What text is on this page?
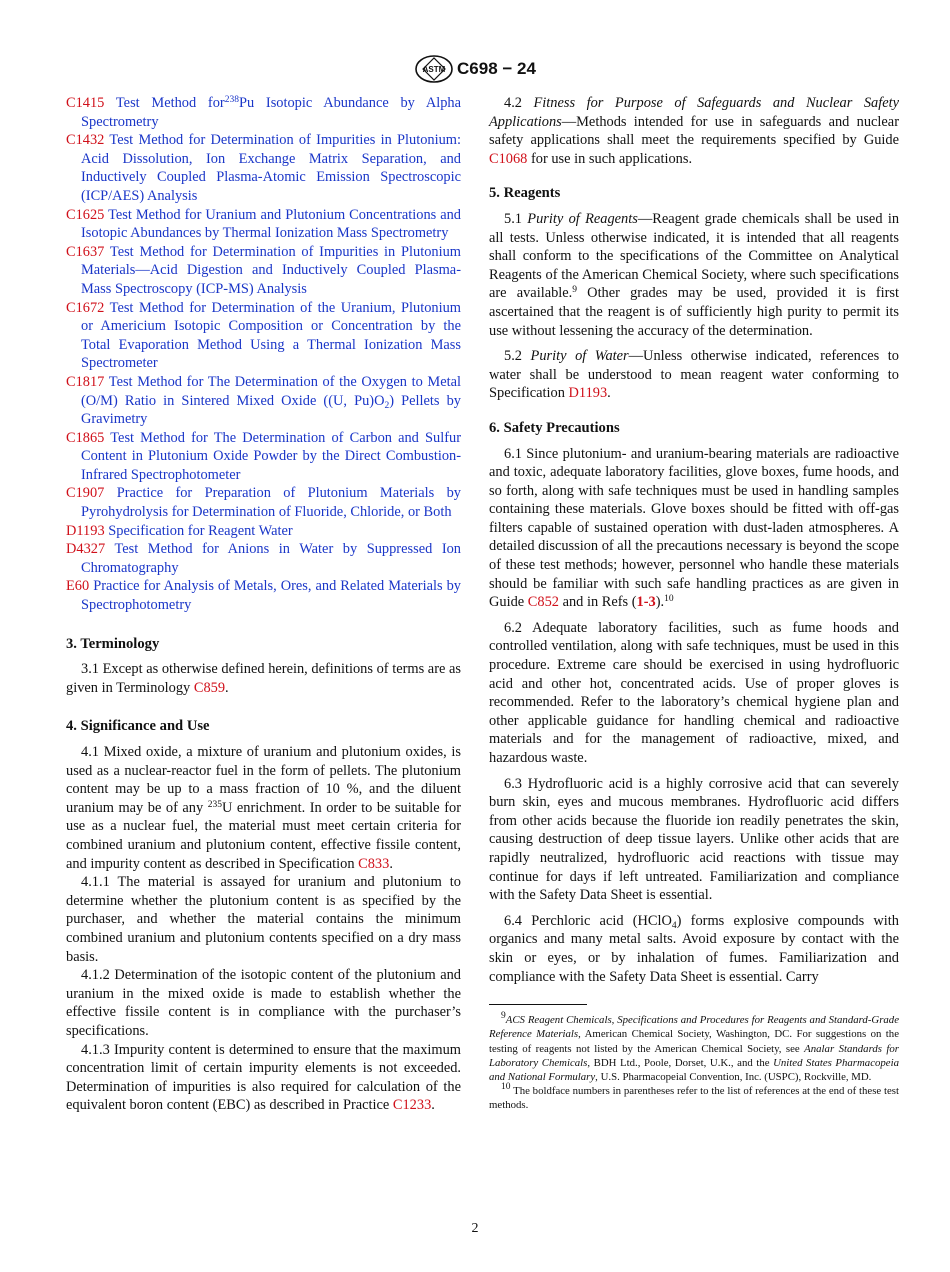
ASTM C698 − 24
C1415 Test Method for$^{238}$Pu Isotopic Abundance by Alpha Spectrometry
C1432 Test Method for Determination of Impurities in Plutonium: Acid Dissolution, Ion Exchange Matrix Separation, and Inductively Coupled Plasma-Atomic Emission Spectroscopic (ICP/AES) Analysis
C1625 Test Method for Uranium and Plutonium Concentrations and Isotopic Abundances by Thermal Ionization Mass Spectrometry
C1637 Test Method for Determination of Impurities in Plutonium Materials—Acid Digestion and Inductively Coupled Plasma-Mass Spectroscopy (ICP-MS) Analysis
C1672 Test Method for Determination of the Uranium, Plutonium or Americium Isotopic Composition or Concentration by the Total Evaporation Method Using a Thermal Ionization Mass Spectrometer
C1817 Test Method for The Determination of the Oxygen to Metal (O/M) Ratio in Sintered Mixed Oxide ((U, $Pu)O_2$) Pellets by Gravimetry
C1865 Test Method for The Determination of Carbon and Sulfur Content in Plutonium Oxide Powder by the Direct Combustion-Infrared Spectrophotometer
C1907 Practice for Preparation of Plutonium Materials by Pyrohydrolysis for Determination of Fluoride, Chloride, or Both
D1193 Specification for Reagent Water
D4327 Test Method for Anions in Water by Suppressed Ion Chromatography
E60 Practice for Analysis of Metals, Ores, and Related Materials by Spectrophotometry
3. Terminology

3.1 Except as otherwise defined herein, definitions of terms are as given in Terminology C859.

4. Significance and Use

4.1 Mixed oxide, a mixture of uranium and plutonium oxides, is used as a nuclear-reactor fuel in the form of pellets. The plutonium content may be up to a mass fraction of 10 %, and the diluent uranium may be of any $^{235}$U enrichment. In order to be suitable for use as a nuclear fuel, the material must meet certain criteria for combined uranium and plutonium content, effective fissile content, and impurity content as described in Specification C833.

4.1.1 The material is assayed for uranium and plutonium to determine whether the plutonium content is as specified by the purchaser, and whether the material contains the minimum combined uranium and plutonium contents specified on a dry mass basis.

4.1.2 Determination of the isotopic content of the plutonium and uranium in the mixed oxide is made to establish whether the effective fissile content is in compliance with the purchaser’s specifications.

4.1.3 Impurity content is determined to ensure that the maximum concentration limit of certain impurity elements is not exceeded. Determination of impurities is also required for calculation of the equivalent boron content (EBC) as described in Practice C1233.

4.2 Fitness for Purpose of Safeguards and Nuclear Safety Applications—Methods intended for use in safeguards and nuclear safety applications shall meet the requirements specified by Guide C1068 for use in such applications.

5. Reagents

5.1 Purity of Reagents—Reagent grade chemicals shall be used in all tests. Unless otherwise indicated, it is intended that all reagents shall conform to the specifications of the Committee on Analytical Reagents of the American Chemical Society, where such specifications are available.$^9$ Other grades may be used, provided it is first ascertained that the reagent is of sufficiently high purity to permit its use without lessening the accuracy of the determination.

5.2 Purity of Water—Unless otherwise indicated, references to water shall be understood to mean reagent water conforming to Specification D1193.

6. Safety Precautions

6.1 Since plutonium- and uranium-bearing materials are radioactive and toxic, adequate laboratory facilities, glove boxes, fume hoods, and so forth, along with safe techniques must be used in handling samples containing these materials. Glove boxes should be fitted with off-gas filters capable of sustained operation with dust-laden atmospheres. A detailed discussion of all the precautions necessary is beyond the scope of these test methods; however, personnel who handle these materials should be familiar with such safe handling practices as are given in Guide C852 and in Refs (1-3).$^{10}$

6.2 Adequate laboratory facilities, such as fume hoods and controlled ventilation, along with safe techniques, must be used in this procedure. Extreme care should be exercised in using hydrofluoric acid and other hot, concentrated acids. Use of proper gloves is recommended. Refer to the laboratory’s chemical hygiene plan and other applicable guidance for handling chemical and radioactive materials and for the management of radioactive, mixed, and hazardous waste.

6.3 Hydrofluoric acid is a highly corrosive acid that can severely burn skin, eyes and mucous membranes. Hydrofluoric acid differs from other acids because the fluoride ion readily penetrates the skin, causing destruction of deep tissue layers. Unlike other acids that are rapidly neutralized, hydrofluoric acid reactions with tissue may continue for days if left untreated. Familiarization and compliance with the Safety Data Sheet is essential.

6.4 Perchloric acid (HClO$_4$) forms explosive compounds with organics and many metal salts. Avoid exposure by contact with the skin or eyes, or by inhalation of fumes. Familiarization and compliance with the Safety Data Sheet is essential. Carry

$^9$ACS Reagent Chemicals, Specifications and Procedures for Reagents and Standard-Grade Reference Materials, American Chemical Society, Washington, DC. For suggestions on the testing of reagents not listed by the American Chemical Society, see Analar Standards for Laboratory Chemicals, BDH Ltd., Poole, Dorset, U.K., and the United States Pharmacopeia and National Formulary, U.S. Pharmacopeial Convention, Inc. (USPC), Rockville, MD.

$^{10}$ The boldface numbers in parentheses refer to the list of references at the end of these test methods.

2
